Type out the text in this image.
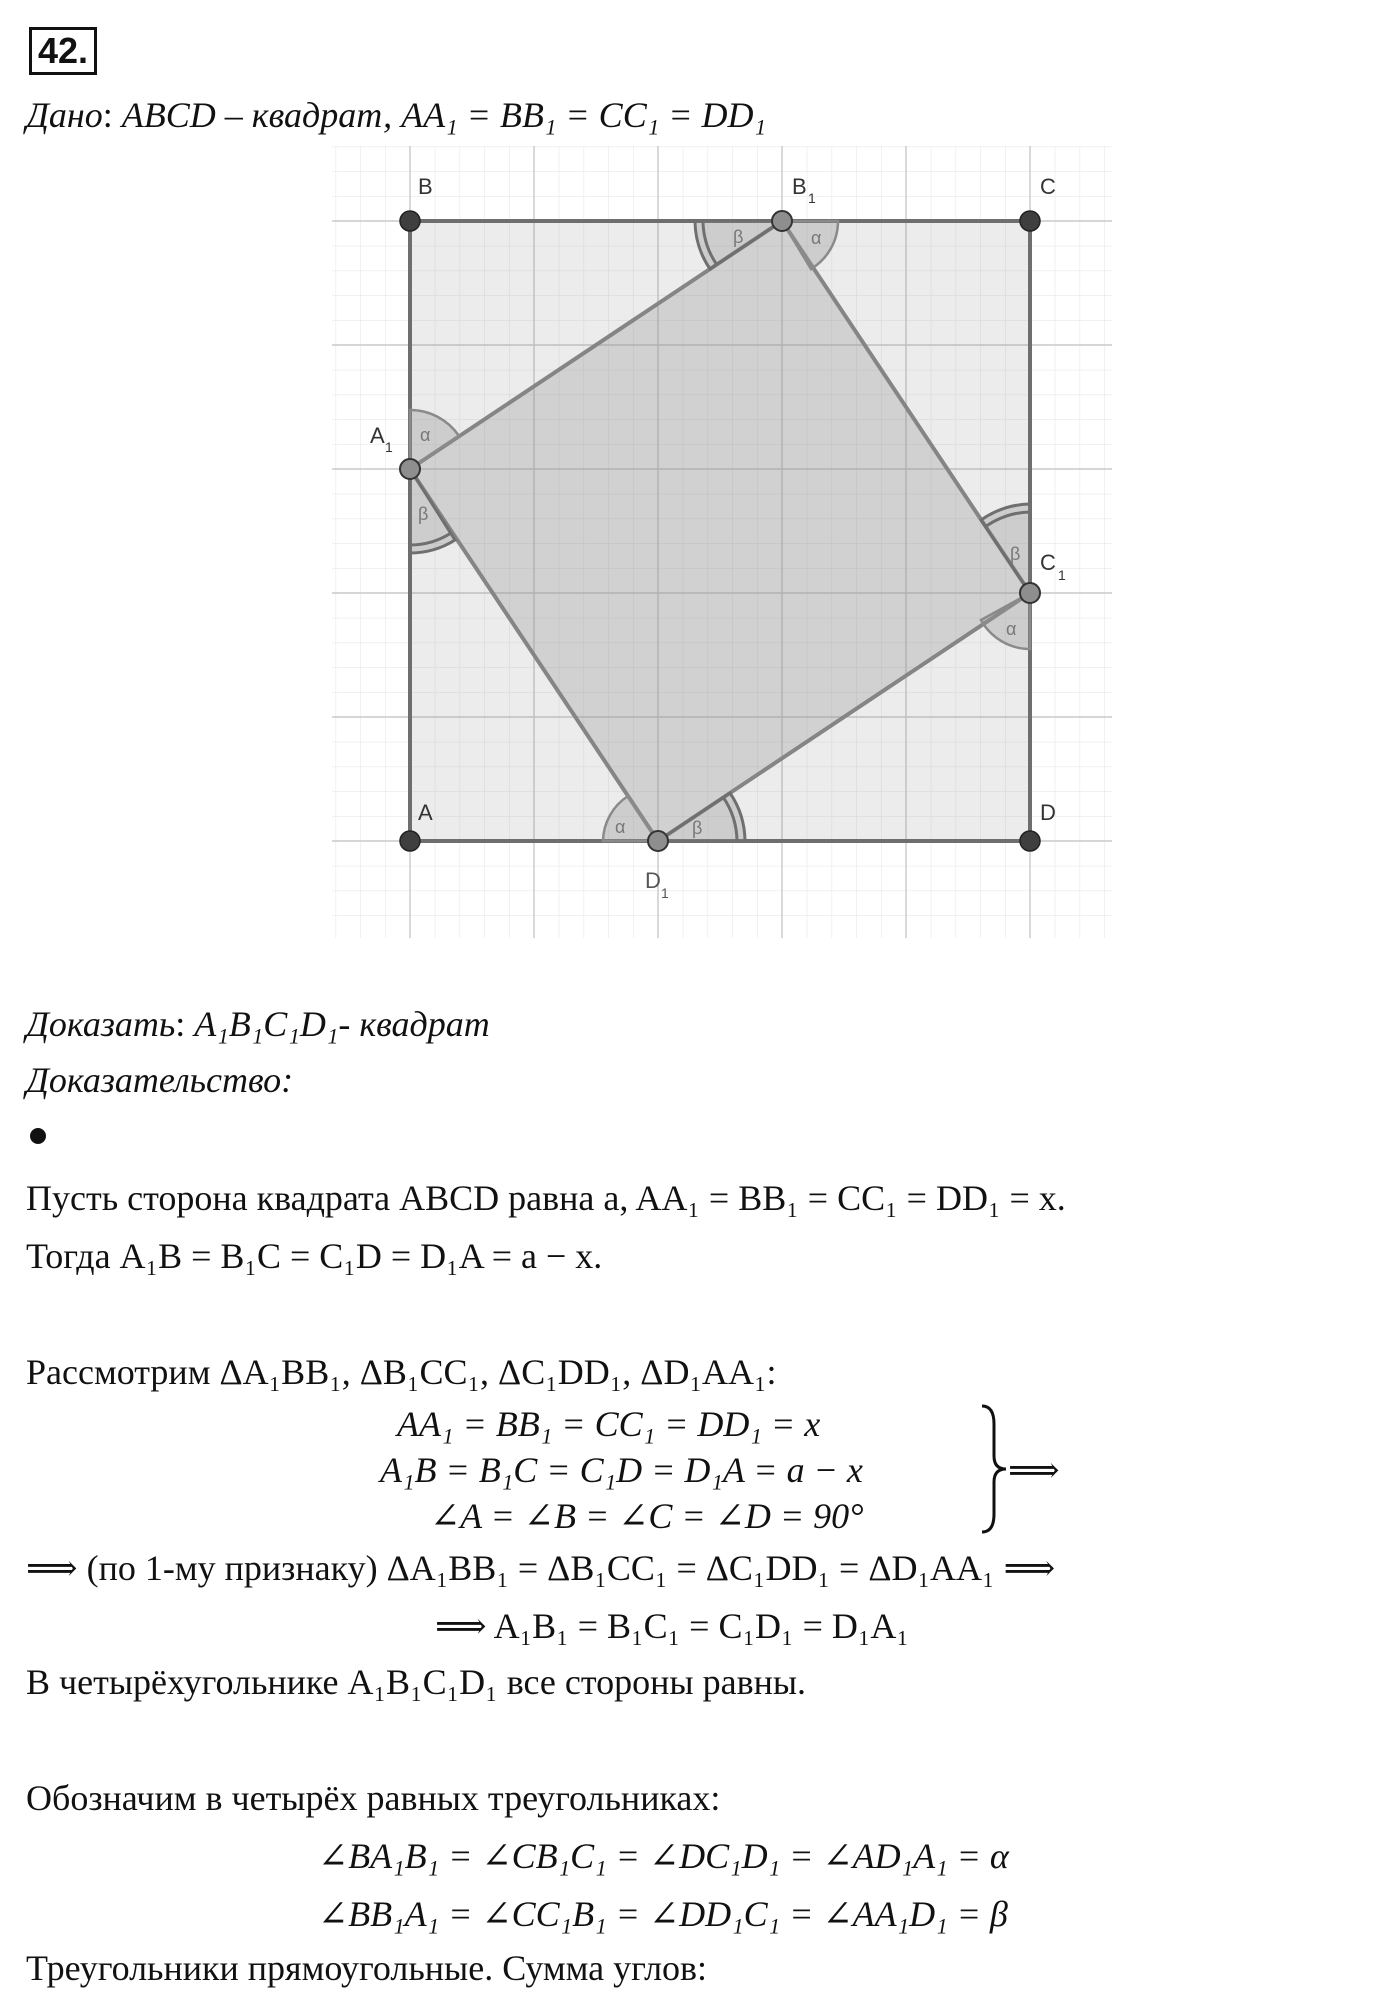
42.
Дано: ABCD – квадрат, AA₁ = BB₁ = CC₁ = DD₁
α
α
α
α
β
β
β
β
B	C
A	D
A 1
B 1
C 1
D 1
Доказать: A₁B₁C₁D₁- квадрат
Доказательство:
Пусть сторона квадрата ABCD равна a, AA₁ = BB₁ = CC₁ = DD₁ = x.
Тогда A₁B = B₁C = C₁D = D₁A = a − x.
Рассмотрим ΔA₁BB₁, ΔB₁CC₁, ΔC₁DD₁, ΔD₁AA₁:
AA₁ = BB₁ = CC₁ = DD₁ = x
A₁B = B₁C = C₁D = D₁A = a − x
∠A = ∠B = ∠C = ∠D = 90°
⟹
⟹ (по 1-му признаку) ΔA₁BB₁ = ΔB₁CC₁ = ΔC₁DD₁ = ΔD₁AA₁ ⟹
⟹ A₁B₁ = B₁C₁ = C₁D₁ = D₁A₁
В четырёхугольнике A₁B₁C₁D₁ все стороны равны.
Обозначим в четырёх равных треугольниках:
∠BA₁B₁ = ∠CB₁C₁ = ∠DC₁D₁ = ∠AD₁A₁ = α
∠BB₁A₁ = ∠CC₁B₁ = ∠DD₁C₁ = ∠AA₁D₁ = β
Треугольники прямоугольные. Сумма углов:
